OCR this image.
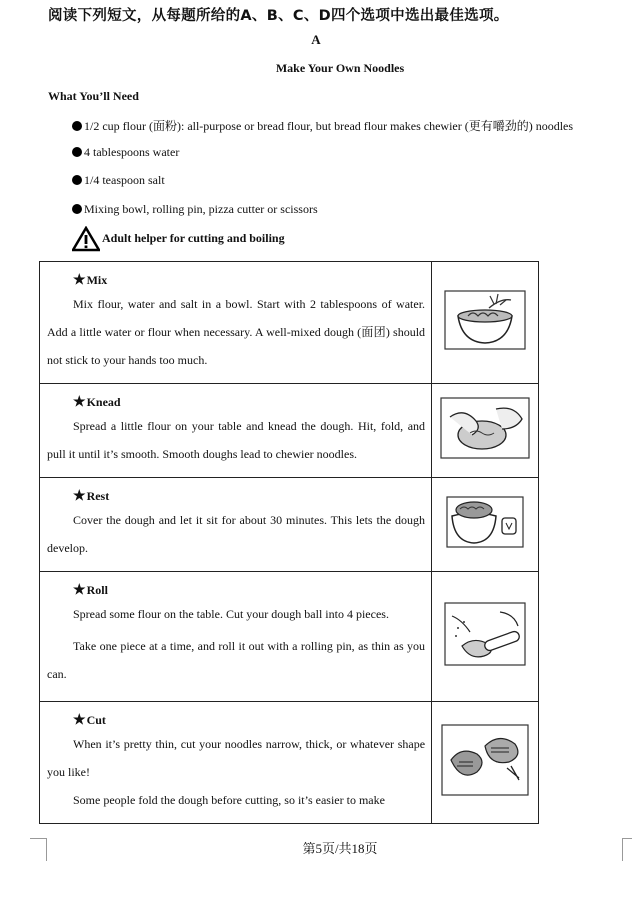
阅读下列短文，从每题所给的A、B、C、D四个选项中选出最佳选项。
A
Make Your Own Noodles
What You’ll Need
1/2 cup flour (面粉): all-purpose or bread flour, but bread flour makes chewier (更有嚼劲的) noodles
4 tablespoons water
1/4 teaspoon salt
Mixing bowl, rolling pin, pizza cutter or scissors
Adult helper for cutting and boiling
★Mix
Mix flour, water and salt in a bowl. Start with 2 tablespoons of water. Add a little water or flour when necessary. A well-mixed dough (面团) should not stick to your hands too much.

★Knead
Spread a little flour on your table and knead the dough. Hit, fold, and pull it until it’s smooth. Smooth doughs lead to chewier noodles.

★Rest
Cover the dough and let it sit for about 30 minutes. This lets the dough develop.

★Roll
Spread some flour on the table. Cut your dough ball into 4 pieces.
Take one piece at a time, and roll it out with a rolling pin, as thin as you can.

★Cut
When it’s pretty thin, cut your noodles narrow, thick, or whatever shape you like!
Some people fold the dough before cutting, so it’s easier to make

第5页/共18页
